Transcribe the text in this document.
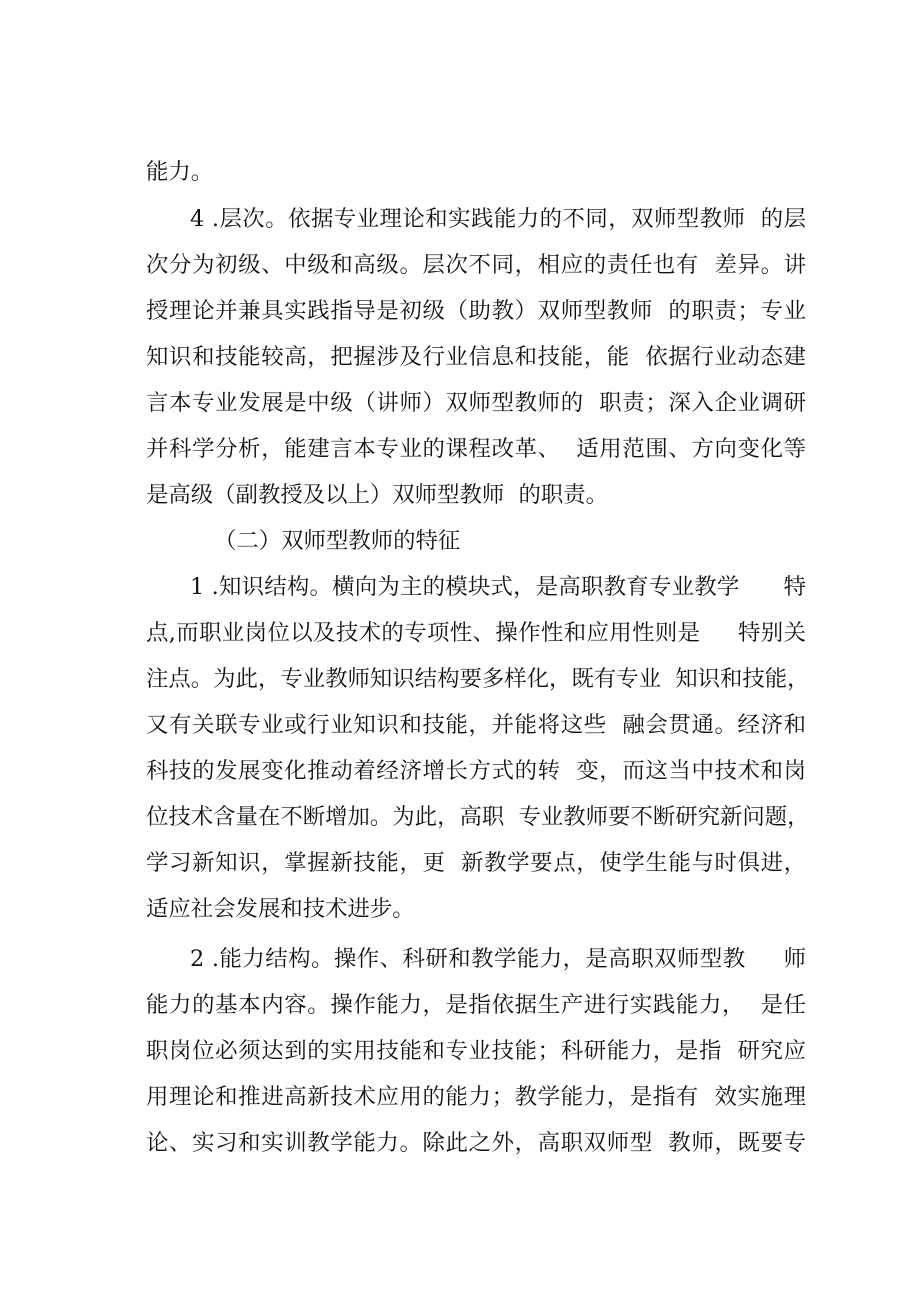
能力。
4 .层次。依据专业理论和实践能力的不同，双师型教师  的层
次分为初级、中级和高级。层次不同，相应的责任也有  差异。讲
授理论并兼具实践指导是初级（助教）双师型教师  的职责；专业
知识和技能较高，把握涉及行业信息和技能，能  依据行业动态建
言本专业发展是中级（讲师）双师型教师的  职责；深入企业调研
并科学分析，能建言本专业的课程改革、  适用范围、方向变化等
是高级（副教授及以上）双师型教师  的职责。
（二）双师型教师的特征
1 .知识结构。横向为主的模块式，是高职教育专业教学      特
点,而职业岗位以及技术的专项性、操作性和应用性则是     特别关
注点。为此，专业教师知识结构要多样化，既有专业  知识和技能，
又有关联专业或行业知识和技能，并能将这些  融会贯通。经济和
科技的发展变化推动着经济增长方式的转  变，而这当中技术和岗
位技术含量在不断增加。为此，高职  专业教师要不断研究新问题，
学习新知识，掌握新技能，更  新教学要点，使学生能与时俱进，
适应社会发展和技术进步。
2 .能力结构。操作、科研和教学能力，是高职双师型教     师
能力的基本内容。操作能力，是指依据生产进行实践能力，  是任
职岗位必须达到的实用技能和专业技能；科研能力，是指  研究应
用理论和推进高新技术应用的能力；教学能力，是指有  效实施理
论、实习和实训教学能力。除此之外，高职双师型  教师，既要专
